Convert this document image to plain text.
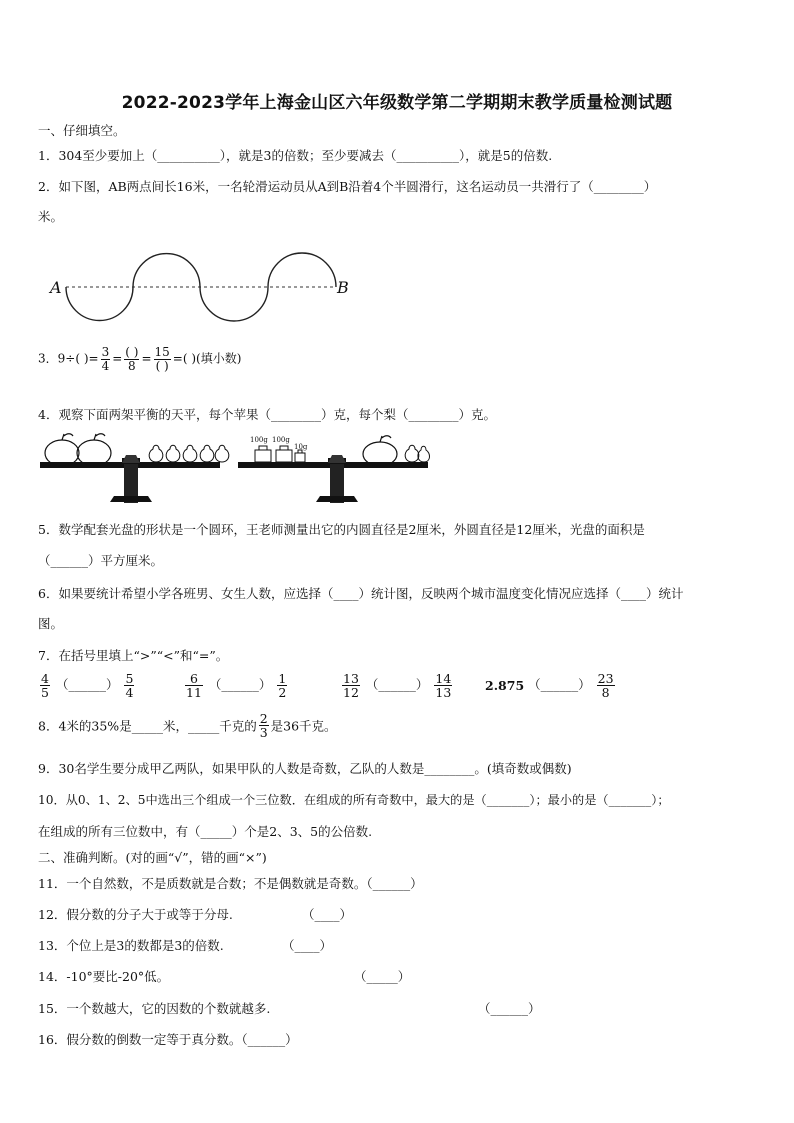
2022-2023学年上海金山区六年级数学第二学期期末教学质量检测试题
一、仔细填空。
1．304至少要加上（__________），就是3的倍数；至少要减去（__________），就是5的倍数.
2．如下图，AB两点间长16米，一名轮滑运动员从A到B沿着4个半圆滑行，这名运动员一共滑行了（________）
米。
A	B
3．9÷( )= $\frac{3}{4} = \frac{( )}{8} = \frac{15}{( )}$ =( )(填小数)
4．观察下面两架平衡的天平，每个苹果（________）克，每个梨（________）克。
100g 100g
10g
5．数学配套光盘的形状是一个圆环，王老师测量出它的内圆直径是2厘米，外圆直径是12厘米，光盘的面积是
（______）平方厘米。
6．如果要统计希望小学各班男、女生人数，应选择（____）统计图，反映两个城市温度变化情况应选择（____）统计
图。
7．在括号里填上“>”“<”和“=”。
$\frac{4}{5}$ （______） $\frac{5}{4}$	$\frac{6}{11}$ （______） $\frac{1}{2}$	$\frac{13}{12}$ （______） $\frac{14}{13}$	2.875 （______） $\frac{23}{8}$
8．4米的35%是_____米，_____千克的 $\frac{2}{3}$ 是36千克。
9．30名学生要分成甲乙两队，如果甲队的人数是奇数，乙队的人数是________。(填奇数或偶数)
10．从0、1、2、5中选出三个组成一个三位数．在组成的所有奇数中，最大的是（_______）；最小的是（_______）；
在组成的所有三位数中，有（_____）个是2、3、5的公倍数.
二、准确判断。(对的画“√”，错的画“×”)
11．一个自然数，不是质数就是合数；不是偶数就是奇数。（______）
12．假分数的分子大于或等于分母.	（____）
13．个位上是3的数都是3的倍数.	（____）
14．-10°要比-20°低。	（_____）
15．一个数越大，它的因数的个数就越多.	（______）
16．假分数的倒数一定等于真分数。（______）
